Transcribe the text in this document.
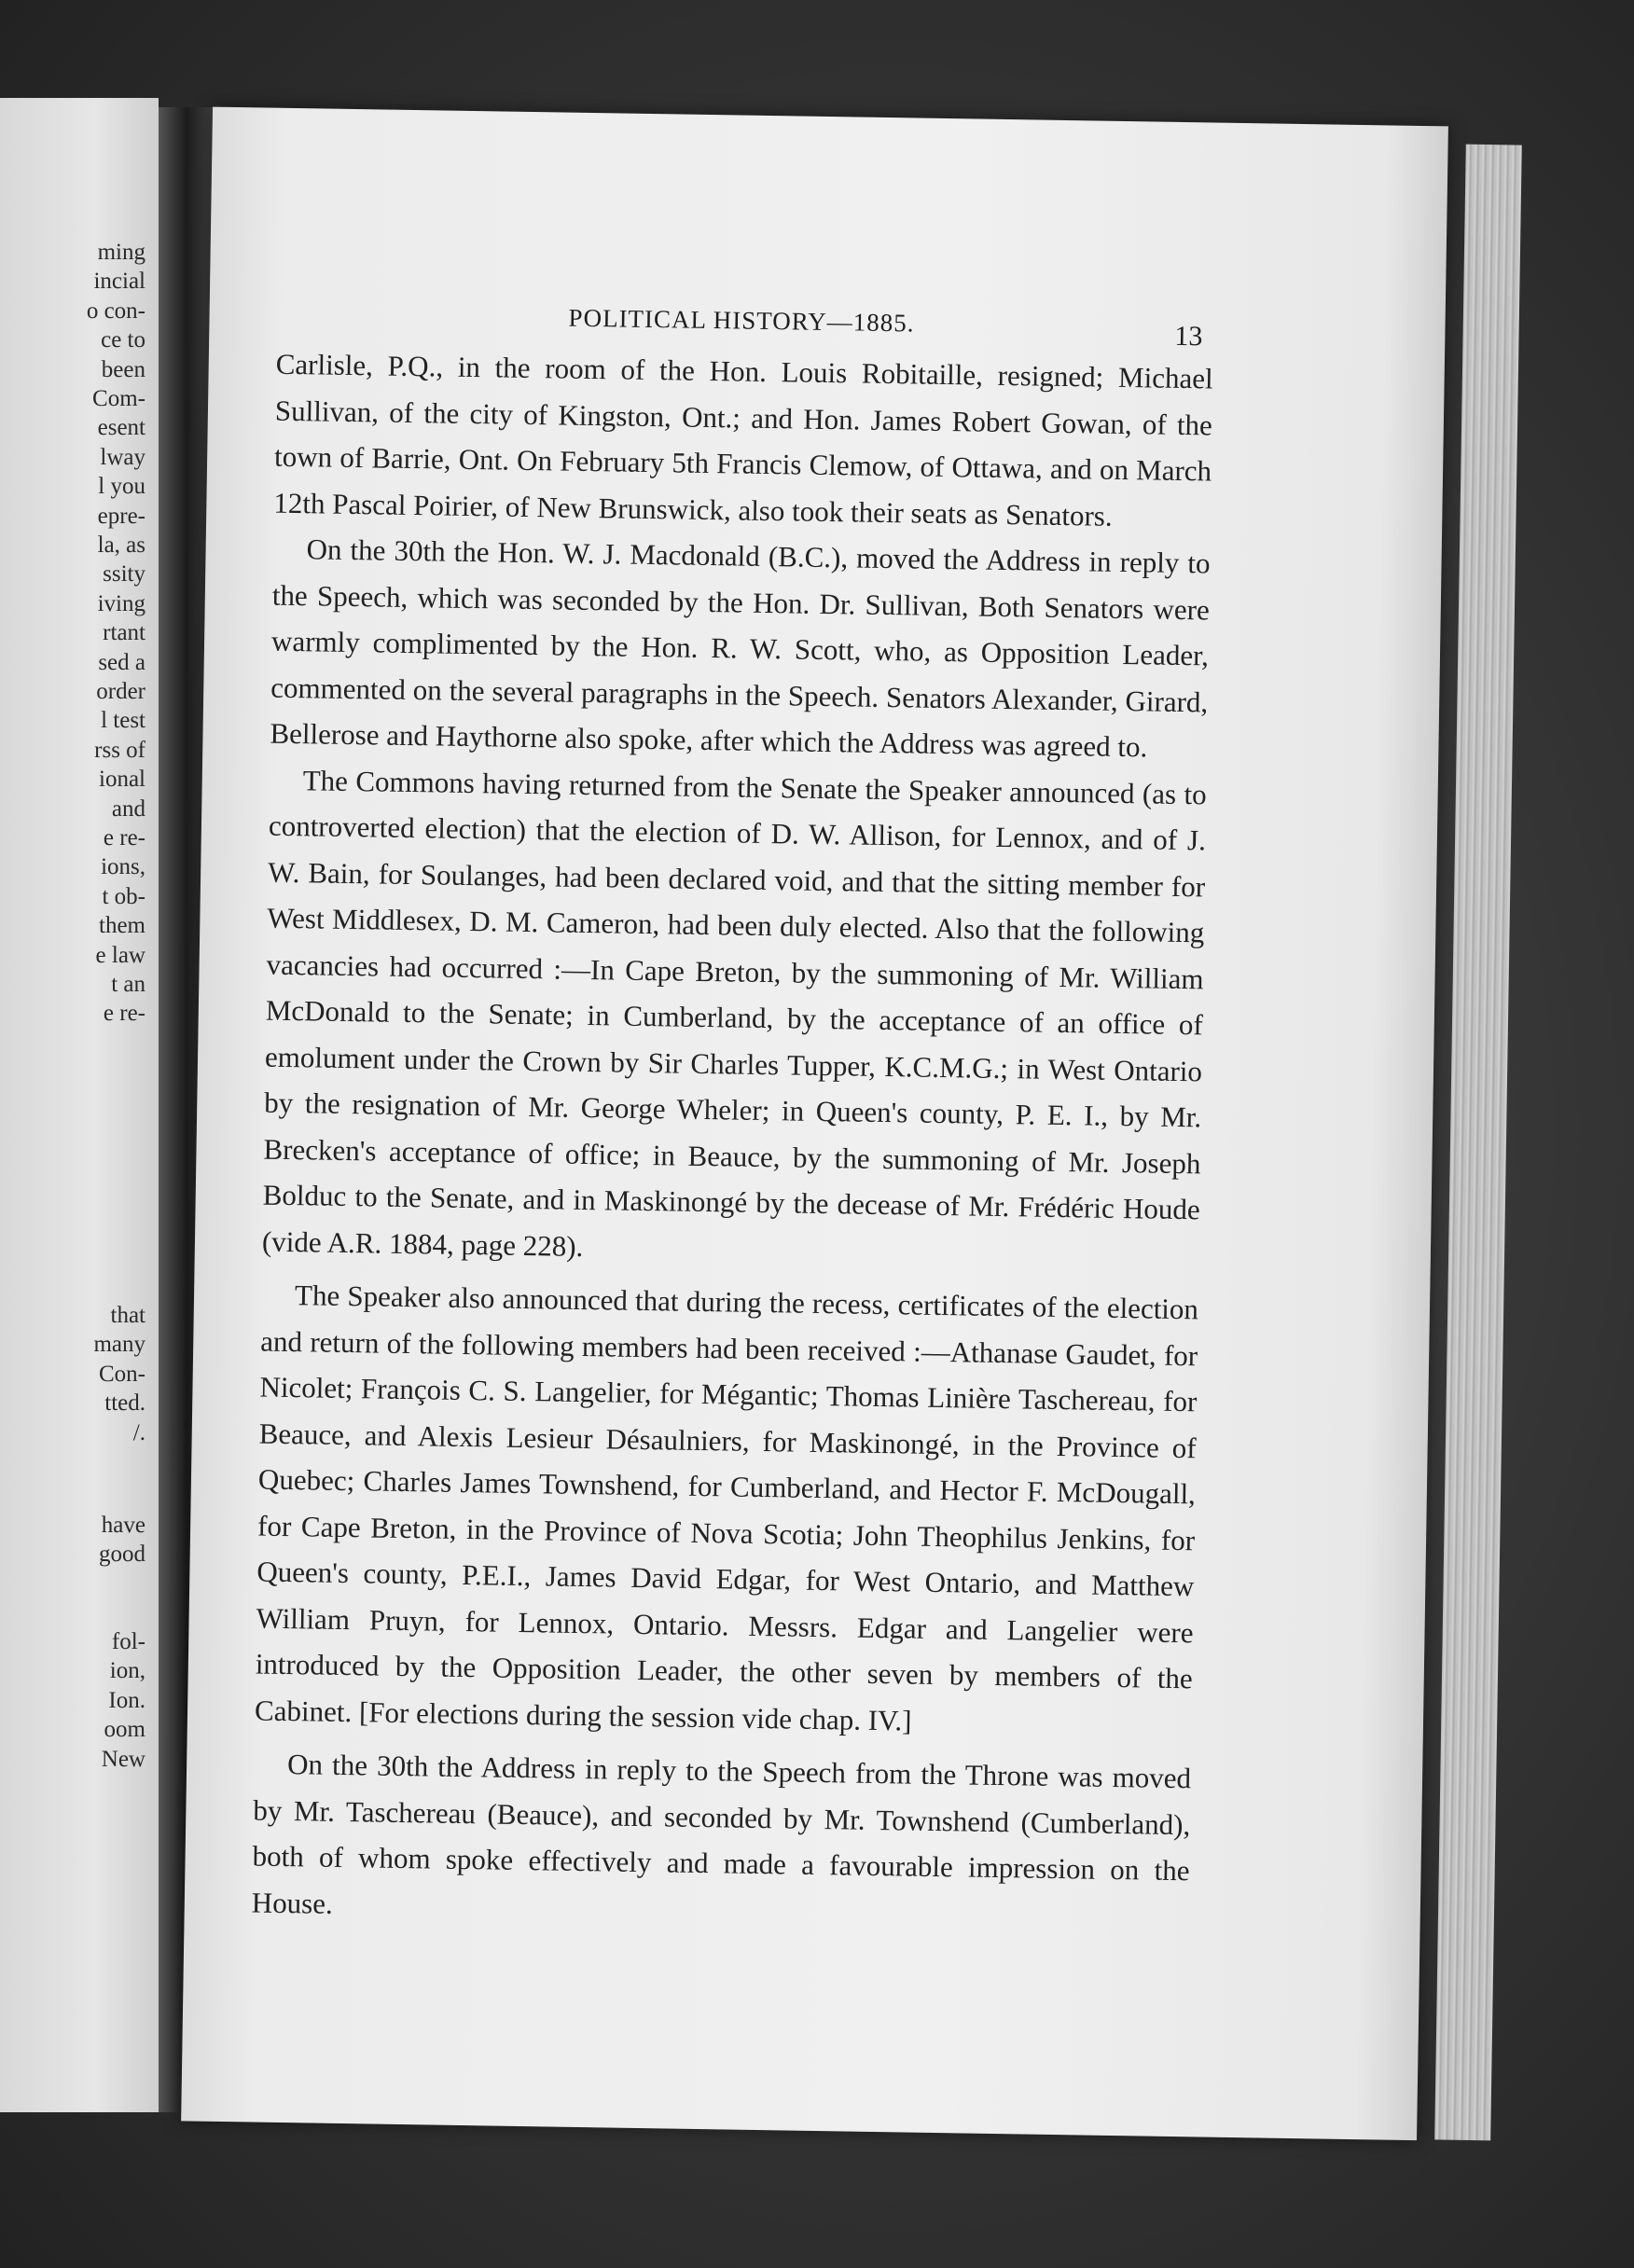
ming
incial
o con-
ce to
been
Com-
esent
lway
l you
epre-
la, as
ssity
iving
rtant
sed a
order
l test
rss of
ional
and
e re-
ions,
t ob-
them
e law
t an
e re-
that
many
Con-
tted.
/.
have
good
fol-
ion,
Ion.
oom
New
POLITICAL HISTORY—1885.	13

Carlisle, P.Q., in the room of the Hon. Louis Robitaille, resigned; Michael Sullivan, of the city of Kingston, Ont.; and Hon. James Robert Gowan, of the town of Barrie, Ont. On February 5th Francis Clemow, of Ottawa, and on March 12th Pascal Poirier, of New Brunswick, also took their seats as Senators.

On the 30th the Hon. W. J. Macdonald (B.C.), moved the Address in reply to the Speech, which was seconded by the Hon. Dr. Sullivan, Both Senators were warmly complimented by the Hon. R. W. Scott, who, as Opposition Leader, commented on the several paragraphs in the Speech. Senators Alexander, Girard, Bellerose and Haythorne also spoke, after which the Address was agreed to.

The Commons having returned from the Senate the Speaker announced (as to controverted election) that the election of D. W. Allison, for Lennox, and of J. W. Bain, for Soulanges, had been declared void, and that the sitting member for West Middlesex, D. M. Cameron, had been duly elected. Also that the following vacancies had occurred :—In Cape Breton, by the summoning of Mr. William McDonald to the Senate; in Cumberland, by the acceptance of an office of emolument under the Crown by Sir Charles Tupper, K.C.M.G.; in West Ontario by the resignation of Mr. George Wheler; in Queen's county, P. E. I., by Mr. Brecken's acceptance of office; in Beauce, by the summoning of Mr. Joseph Bolduc to the Senate, and in Maskinongé by the decease of Mr. Frédéric Houde (vide A.R. 1884, page 228).

The Speaker also announced that during the recess, certificates of the election and return of the following members had been received :—Athanase Gaudet, for Nicolet; François C. S. Langelier, for Mégantic; Thomas Linière Taschereau, for Beauce, and Alexis Lesieur Désaulniers, for Maskinongé, in the Province of Quebec; Charles James Townshend, for Cumberland, and Hector F. McDougall, for Cape Breton, in the Province of Nova Scotia; John Theophilus Jenkins, for Queen's county, P.E.I., James David Edgar, for West Ontario, and Matthew William Pruyn, for Lennox, Ontario. Messrs. Edgar and Langelier were introduced by the Opposition Leader, the other seven by members of the Cabinet. [For elections during the session vide chap. IV.]

On the 30th the Address in reply to the Speech from the Throne was moved by Mr. Taschereau (Beauce), and seconded by Mr. Townshend (Cumberland), both of whom spoke effectively and made a favourable impression on the House.
